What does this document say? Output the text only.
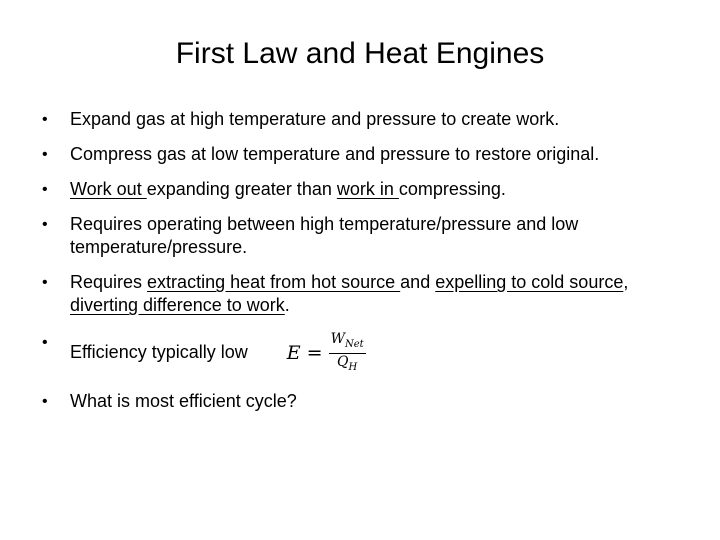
First Law and Heat Engines
• Expand gas at high temperature and pressure to create work.
• Compress gas at low temperature and pressure to restore original.
• Work out expanding greater than work in compressing.
• Requires operating between high temperature/pressure and low temperature/pressure.
• Requires extracting heat from hot source and expelling to cold source, diverting difference to work.
• Efficiency typically low $E = \frac{W_{Net}}{Q_H}$
• What is most efficient cycle?
